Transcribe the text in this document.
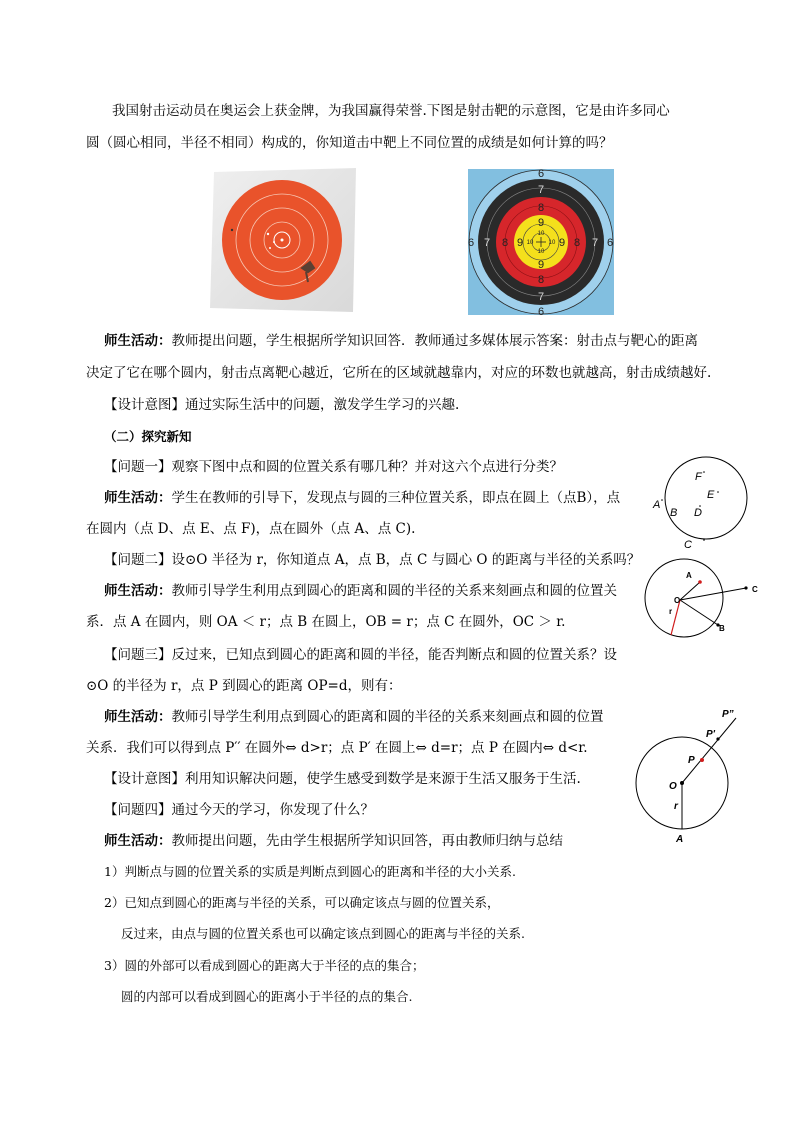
我国射击运动员在奥运会上获金牌，为我国赢得荣誉.下图是射击靶的示意图，它是由许多同心
圆（圆心相同，半径不相同）构成的，你知道击中靶上不同位置的成绩是如何计算的吗？
6
7
8
9
10
10
9
8
7
6
6 7 8 9 10	10 9 8 7 6
师生活动：教师提出问题，学生根据所学知识回答．教师通过多媒体展示答案：射击点与靶心的距离
决定了它在哪个圆内，射击点离靶心越近，它所在的区域就越靠内，对应的环数也就越高，射击成绩越好.
【设计意图】通过实际生活中的问题，激发学生学习的兴趣.
（二）探究新知
【问题一】观察下图中点和圆的位置关系有哪几种？并对这六个点进行分类？
师生活动：学生在教师的引导下，发现点与圆的三种位置关系，即点在圆上（点B），点
在圆内（点 D、点 E、点 F)，点在圆外（点 A、点 C).
【问题二】设⊙O 半径为 r，你知道点 A，点 B，点 C 与圆心 O 的距离与半径的关系吗？
师生活动：教师引导学生利用点到圆心的距离和圆的半径的关系来刻画点和圆的位置关
系．点 A 在圆内，则 OA ＜ r；点 B 在圆上，OB = r；点 C 在圆外，OC ＞ r.
【问题三】反过来，已知点到圆心的距离和圆的半径，能否判断点和圆的位置关系？设
⊙O 的半径为 r，点 P 到圆心的距离 OP=d，则有：
师生活动：教师引导学生利用点到圆心的距离和圆的半径的关系来刻画点和圆的位置
关系．我们可以得到点 P′′ 在圆外⇔ d>r；点 P′ 在圆上⇔ d=r；点 P 在圆内⇔ d<r.
【设计意图】利用知识解决问题，使学生感受到数学是来源于生活又服务于生活.
【问题四】通过今天的学习，你发现了什么？
师生活动：教师提出问题，先由学生根据所学知识回答，再由教师归纳与总结
1）判断点与圆的位置关系的实质是判断点到圆心的距离和半径的大小关系.
2）已知点到圆心的距离与半径的关系，可以确定该点与圆的位置关系，
反过来，由点与圆的位置关系也可以确定该点到圆心的距离与半径的关系.
3）圆的外部可以看成到圆心的距离大于半径的点的集合；
圆的内部可以看成到圆心的距离小于半径的点的集合.
F
E
A
B D
C
A
O
r
B
C
P”
P'
P
O
r
A
